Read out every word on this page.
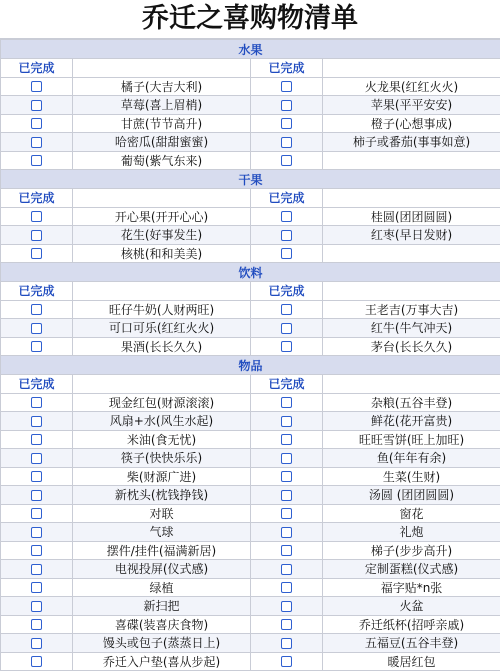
乔迁之喜购物清单
水果			
已完成		已完成	
	橘子(大吉大利)		火龙果(红红火火)
	草莓(喜上眉梢)		苹果(平平安安)
	甘蔗(节节高升)		橙子(心想事成)
	哈密瓜(甜甜蜜蜜)		柿子或番茄(事事如意)
	葡萄(紫气东来)		
干果			
已完成		已完成	
	开心果(开开心心)		桂圆(团团圆圆)
	花生(好事发生)		红枣(早日发财)
	核桃(和和美美)		
饮料			
已完成		已完成	
	旺仔牛奶(人财两旺)		王老吉(万事大吉)
	可口可乐(红红火火)		红牛(牛气冲天)
	果酒(长长久久)		茅台(长长久久)
物品			
已完成		已完成	
	现金红包(财源滚滚)		杂粮(五谷丰登)
	风扇+水(风生水起)		鲜花(花开富贵)
	米油(食无忧)		旺旺雪饼(旺上加旺)
	筷子(快快乐乐)		鱼(年年有余)
	柴(财源广进)		生菜(生财)
	新枕头(枕钱挣钱)		汤圆 (团团圆圆)
	对联		窗花
	气球		礼炮
	摆件/挂件(福满新居)		梯子(步步高升)
	电视投屏(仪式感)		定制蛋糕(仪式感)
	绿植		福字贴*n张
	新扫把		火盆
	喜碟(装喜庆食物)		乔迁纸杯(招呼亲戚)
	馒头或包子(蒸蒸日上)		五福豆(五谷丰登)
	乔迁入户垫(喜从步起)		暖居红包
